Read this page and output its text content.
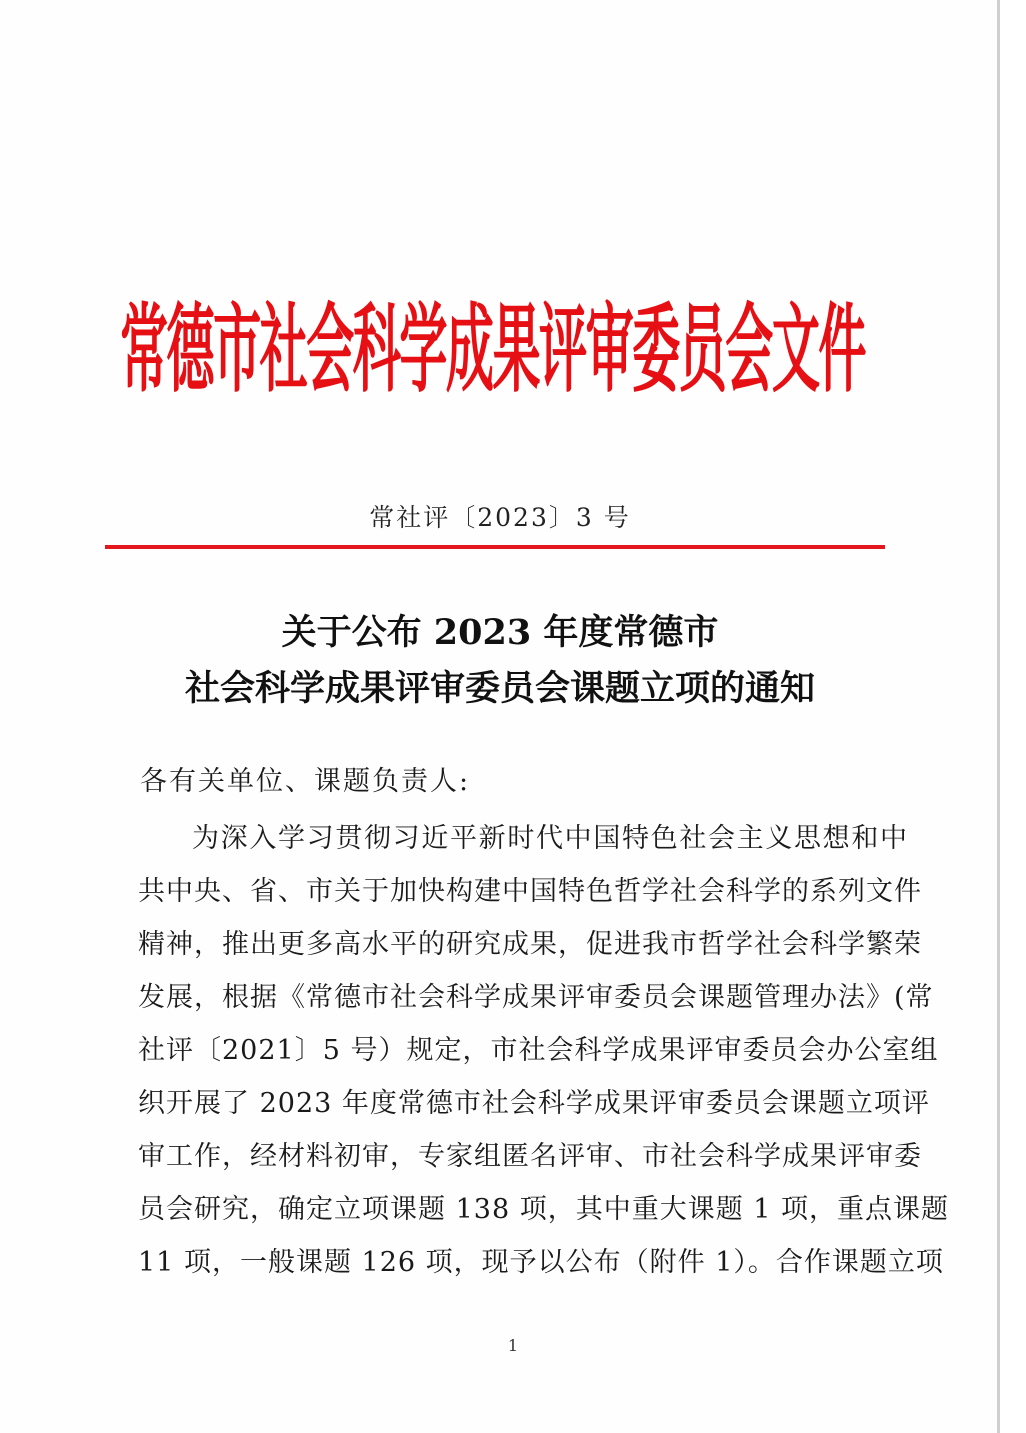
常德市社会科学成果评审委员会文件
常社评〔2023〕3 号
关于公布 2023 年度常德市
社会科学成果评审委员会课题立项的通知
各有关单位、课题负责人:
为深入学习贯彻习近平新时代中国特色社会主义思想和中
共中央、省、市关于加快构建中国特色哲学社会科学的系列文件
精神，推出更多高水平的研究成果，促进我市哲学社会科学繁荣
发展，根据《常德市社会科学成果评审委员会课题管理办法》(常
社评〔2021〕5 号）规定，市社会科学成果评审委员会办公室组
织开展了 2023 年度常德市社会科学成果评审委员会课题立项评
审工作，经材料初审，专家组匿名评审、市社会科学成果评审委
员会研究，确定立项课题 138 项，其中重大课题 1 项，重点课题
11 项，一般课题 126 项，现予以公布（附件 1）。合作课题立项
1
